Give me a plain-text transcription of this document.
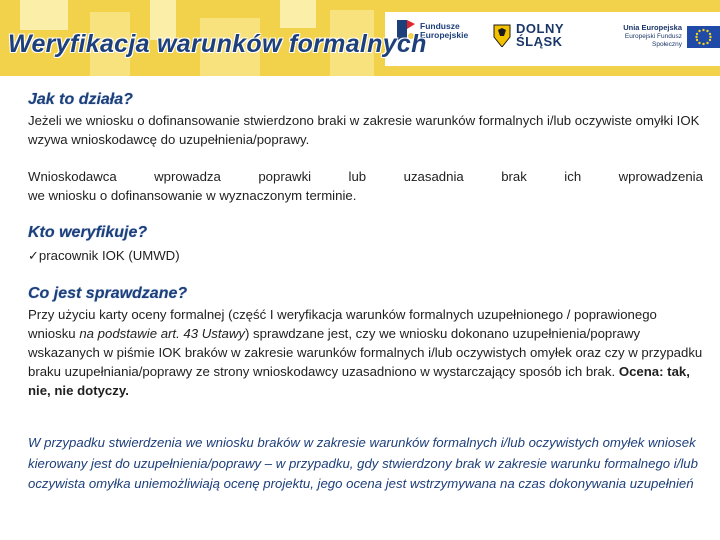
Weryfikacja warunków formalnych
Fundusze
Europejskie	DOLNY
ŚLĄSK
Unia Europejska
Europejski Fundusz Społeczny
Jak to działa?

Jeżeli we wniosku o dofinansowanie stwierdzono braki w zakresie warunków formalnych i/lub oczywiste omyłki IOK wzywa wnioskodawcę do uzupełnienia/poprawy.

Wnioskodawca	wprowadza	poprawki	lub	uzasadnia	brak	ich	wprowadzenia
we wniosku o dofinansowanie w wyznaczonym terminie.
Kto weryfikuje?

✓pracownik IOK (UMWD)

Co jest sprawdzane?

Przy użyciu karty oceny formalnej (część I weryfikacja warunków formalnych uzupełnionego / poprawionego wniosku na podstawie art. 43 Ustawy) sprawdzane jest, czy we wniosku dokonano uzupełnienia/poprawy wskazanych w piśmie IOK braków w zakresie warunków formalnych i/lub oczywistych omyłek oraz czy w przypadku braku uzupełniania/poprawy ze strony wnioskodawcy uzasadniono w wystarczający sposób ich brak. Ocena: tak, nie, nie dotyczy.

W przypadku stwierdzenia we wniosku braków w zakresie warunków formalnych i/lub oczywistych omyłek wniosek kierowany jest do uzupełnienia/poprawy – w przypadku, gdy stwierdzony brak w zakresie warunku formalnego i/lub oczywista omyłka uniemożliwiają ocenę projektu, jego ocena jest wstrzymywana na czas dokonywania uzupełnień
